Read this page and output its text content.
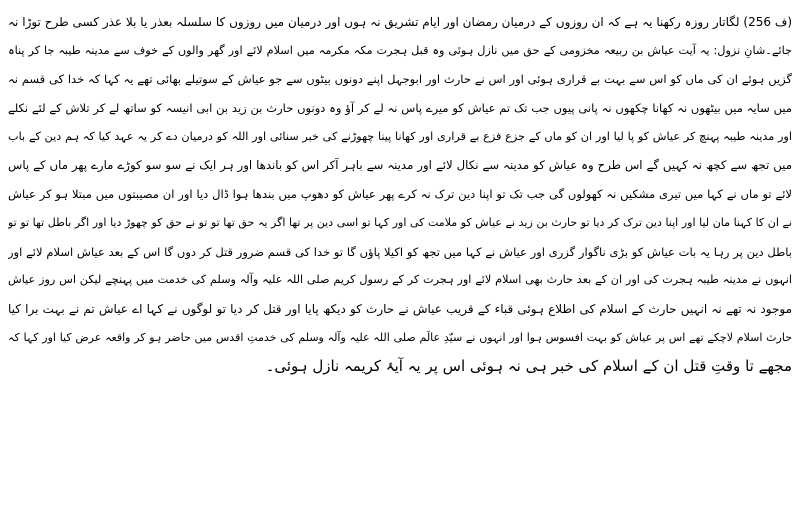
(ف 256) لگاتار روزہ رکھنا یہ ہے کہ ان روزوں کے درمیان رمضان اور ایام تشریق نہ ہوں اور درمیان میں روزوں کا سلسلہ بعذر یا بلا عذر کسی طرح توڑا نہ
جائے۔شانِ نزول: یہ آیت عیاش بن ربیعہ مخزومی کے حق میں نازل ہوئی وہ قبل ہجرت مکہ مکرمہ میں اسلام لائے اور گھر والوں کے خوف سے مدینہ طیبہ جا کر پناہ
گزیں ہوئے ان کی ماں کو اس سے بہت بے قراری ہوئی اور اس نے حارث اور ابوجہل اپنے دونوں بیٹوں سے جو عیاش کے سوتیلے بھائی تھے یہ کہا کہ خدا کی قسم نہ
میں سایہ میں بیٹھوں نہ کھانا چکھوں نہ پانی پیوں جب تک تم عیاش کو میرے پاس نہ لے کر آؤ وہ دونوں حارث بن زید بن ابی انیسہ کو ساتھ لے کر تلاش کے لئے نکلے
اور مدینہ طیبہ پہنچ کر عیاش کو پا لیا اور ان کو ماں کے جزع فزع بے قراری اور کھانا پینا چھوڑنے کی خبر سنائی اور اللہ کو درمیان دے کر یہ عہد کیا کہ ہم دین کے باب
میں تجھ سے کچھ نہ کہیں گے اس طرح وہ عیاش کو مدینہ سے نکال لائے اور مدینہ سے باہر آکر اس کو باندھا اور ہر ایک نے سو سو کوڑے مارے پھر ماں کے پاس
لائے تو ماں نے کہا میں تیری مشکیں نہ کھولوں گی جب تک تو اپنا دین ترک نہ کرے پھر عیاش کو دھوپ میں بندھا ہوا ڈال دیا اور ان مصیبتوں میں مبتلا ہو کر عیاش
نے ان کا کہنا مان لیا اور اپنا دین ترک کر دیا تو حارث بن زید نے عیاش کو ملامت کی اور کہا تو اسی دین پر تھا اگر یہ حق تھا تو تو نے حق کو چھوڑ دیا اور اگر باطل تھا تو تو
باطل دین پر رہا یہ بات عیاش کو بڑی ناگوار گزری اور عیاش نے کہا میں تجھ کو اکیلا پاؤں گا تو خدا کی قسم ضرور قتل کر دوں گا اس کے بعد عیاش اسلام لائے اور
انہوں نے مدینہ طیبہ ہجرت کی اور ان کے بعد حارث بھی اسلام لائے اور ہجرت کر کے رسول کریم صلی اللہ علیہ وآلہ وسلم کی خدمت میں پہنچے لیکن اس روز عیاش
موجود نہ تھے نہ انہیں حارث کے اسلام کی اطلاع ہوئی قباء کے قریب عیاش نے حارث کو دیکھ پایا اور قتل کر دیا تو لوگوں نے کہا اے عیاش تم نے بہت برا کیا
حارث اسلام لاچکے تھے اس پر عیاش کو بہت افسوس ہوا اور انہوں نے سیّدِ عالَم صلی اللہ علیہ وآلہ وسلم کی خدمتِ اقدس میں حاضر ہو کر واقعہ عرض کیا اور کہا کہ
مجھے تا وقتِ قتل ان کے اسلام کی خبر ہی نہ ہوئی اس پر یہ آیۂ کریمہ نازل ہوئی۔
